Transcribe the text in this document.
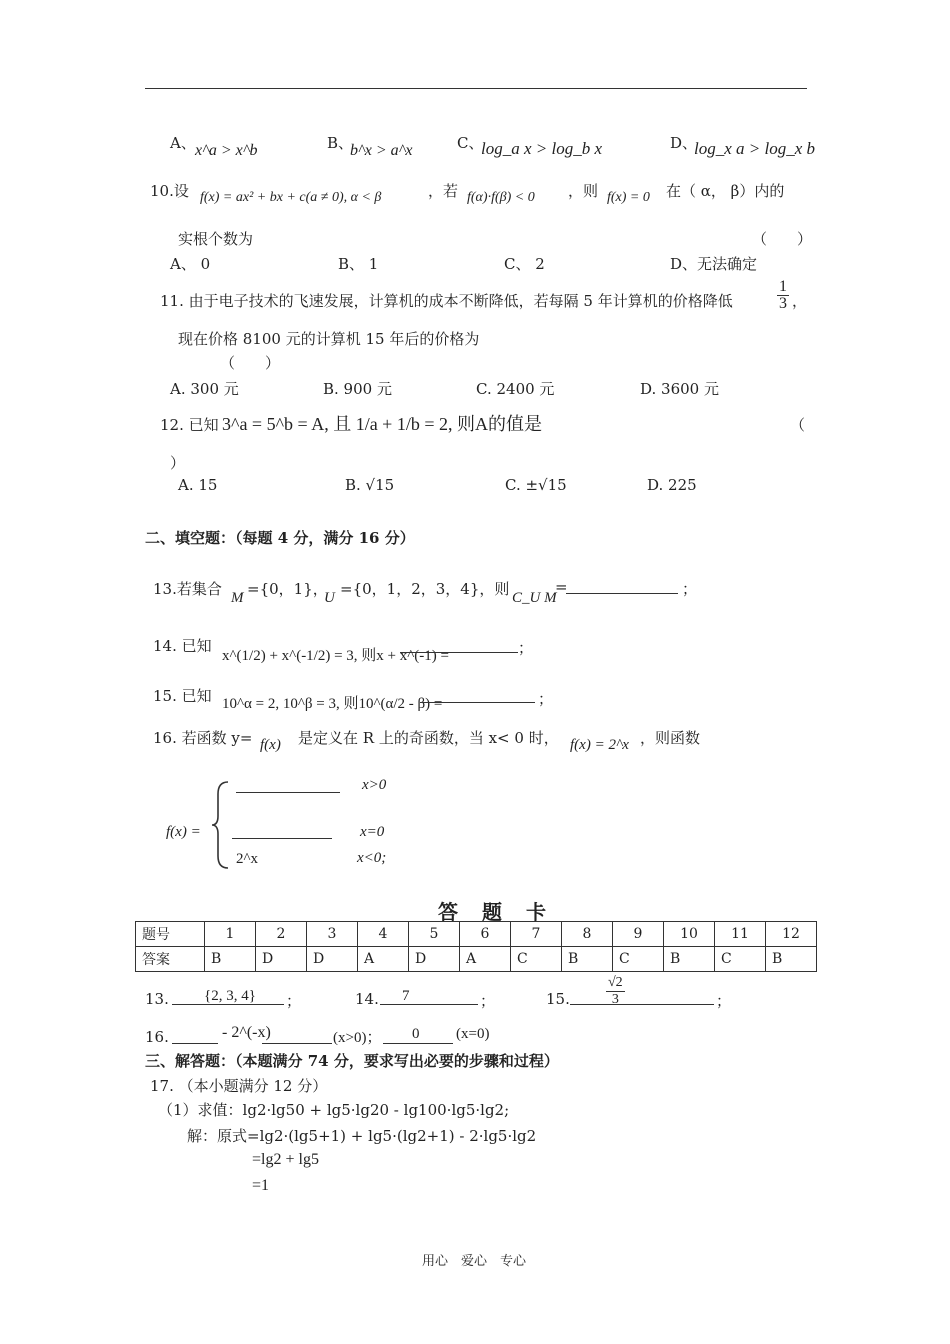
A、 x^a > x^b	B、
b^x > a^x	C、
log_a x > log_b x	D、
log_x a > log_x b
10.设 f(x) = ax² + bx + c(a ≠ 0), α < β	，若 f(α)·f(β) < 0 ，则 f(x) = 0 在（ α， β）内的
实根个数为	（　　）
A、 0	B、 1	C、 2	D、无法确定
11. 由于电子技术的飞速发展，计算机的成本不断降低，若每隔 5 年计算机的价格降低	$\frac{1}{3}$ ，
现在价格 8100 元的计算机 15 年后的价格为
（　　）
A. 300 元	B. 900 元	C. 2400 元	D. 3600 元
12. 已知 3^a = 5^b = A, 且 1/a + 1/b = 2, 则A的值是	（
）
A. 15	B. √15	C. ±√15	D. 225
二、填空题：（每题 4 分，满分 16 分）
13.若集合 M ={0，1}，
U ={0，1，2，3，4}，则 C_U M
=	；
14. 已知
x^(1/2) + x^(-1/2) = 3, 则x + x^(-1) =	；
15. 已知 10^α = 2, 10^β = 3, 则10^(α/2 - β) =	；
16. 若函数 y= f(x) 是定义在 R 上的奇函数，当 x< 0 时， f(x) = 2^x ，则函数
f(x) =
x>0
x=0
2^x	x<0;
答　题　卡
题号	1	2	3	4	5	6	7	8	9	10	11	12
答案	B	D	D	A	D	A	C	B	C	B	C	B
13. {2, 3, 4} ；	14. 7	；	15.	$\frac{√2}{3}$	；
16.	- 2^(-x)	(x>0)； 0 (x=0)
三、解答题：（本题满分 74 分，要求写出必要的步骤和过程）
17. （本小题满分 12 分）
（1）求值：lg2·lg50 + lg5·lg20 - lg100·lg5·lg2;
解：原式=lg2·(lg5+1) + lg5·(lg2+1) - 2·lg5·lg2
=lg2 + lg5
=1
用心　爱心　专心
